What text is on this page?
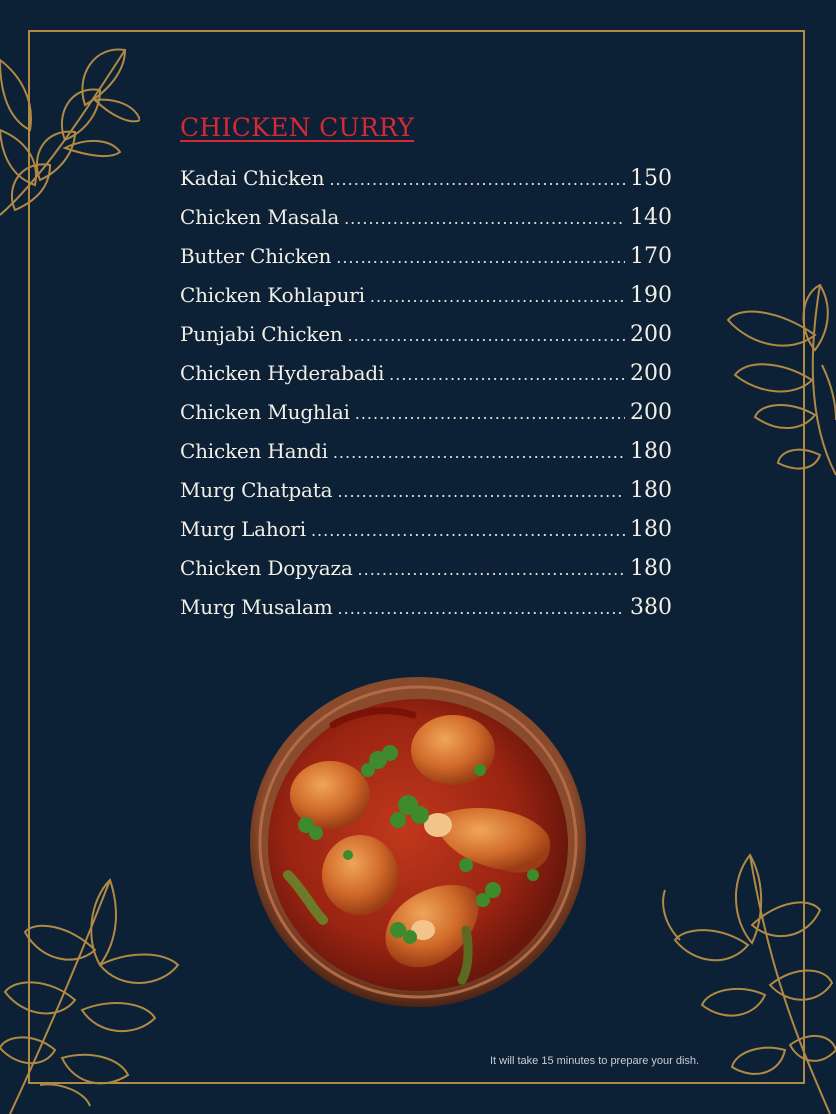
CHICKEN CURRY
Kadai Chicken .....	150
Chicken Masala .....	140
Butter Chicken .....	170
Chicken Kohlapuri .....	190
Punjabi Chicken .....	200
Chicken Hyderabadi .....	200
Chicken Mughlai .....	200
Chicken Handi .....	180
Murg Chatpata .....	180
Murg Lahori .....	180
Chicken Dopyaza .....	180
Murg Musalam .....	380
It will take 15 minutes to prepare your dish.
